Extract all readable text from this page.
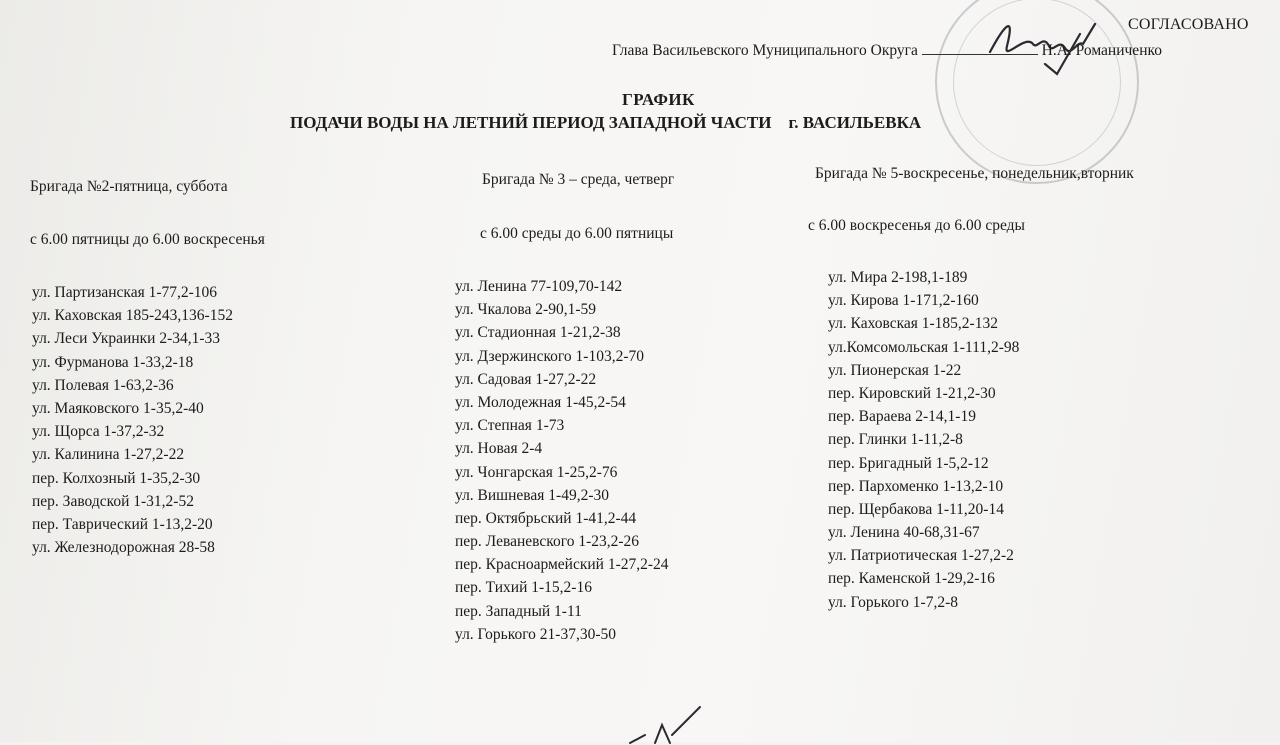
СОГЛАСОВАНО
Глава Васильевского Муниципального Округа	Н.А. Романиченко
ГРАФИК
ПОДАЧИ ВОДЫ НА ЛЕТНИЙ ПЕРИОД ЗАПАДНОЙ ЧАСТИ    г. ВАСИЛЬЕВКА
Бригада №2-пятница, суббота
с 6.00 пятницы до 6.00 воскресенья
ул. Партизанская 1-77,2-106
ул. Каховская 185-243,136-152
ул. Леси Украинки 2-34,1-33
ул. Фурманова 1-33,2-18
ул. Полевая 1-63,2-36
ул. Маяковского 1-35,2-40
ул. Щорса 1-37,2-32
ул. Калинина 1-27,2-22
пер. Колхозный 1-35,2-30
пер. Заводской 1-31,2-52
пер. Таврический 1-13,2-20
ул. Железнодорожная 28-58
Бригада № 3 – среда, четверг
с 6.00 среды до 6.00 пятницы
ул. Ленина 77-109,70-142
ул. Чкалова 2-90,1-59
ул. Стадионная 1-21,2-38
ул. Дзержинского 1-103,2-70
ул. Садовая 1-27,2-22
ул. Молодежная 1-45,2-54
ул. Степная 1-73
ул. Новая 2-4
ул. Чонгарская 1-25,2-76
ул. Вишневая 1-49,2-30
пер. Октябрьский 1-41,2-44
пер. Леваневского 1-23,2-26
пер. Красноармейский 1-27,2-24
пер. Тихий 1-15,2-16
пер. Западный 1-11
ул. Горького 21-37,30-50
Бригада № 5-воскресенье, понедельник,вторник
с 6.00 воскресенья до 6.00 среды
ул. Мира 2-198,1-189
ул. Кирова 1-171,2-160
ул. Каховская 1-185,2-132
ул.Комсомольская 1-111,2-98
ул. Пионерская 1-22
пер. Кировский 1-21,2-30
пер. Вараева 2-14,1-19
пер. Глинки 1-11,2-8
пер. Бригадный 1-5,2-12
пер. Пархоменко 1-13,2-10
пер. Щербакова 1-11,20-14
ул. Ленина 40-68,31-67
ул. Патриотическая 1-27,2-2
пер. Каменской 1-29,2-16
ул. Горького 1-7,2-8
